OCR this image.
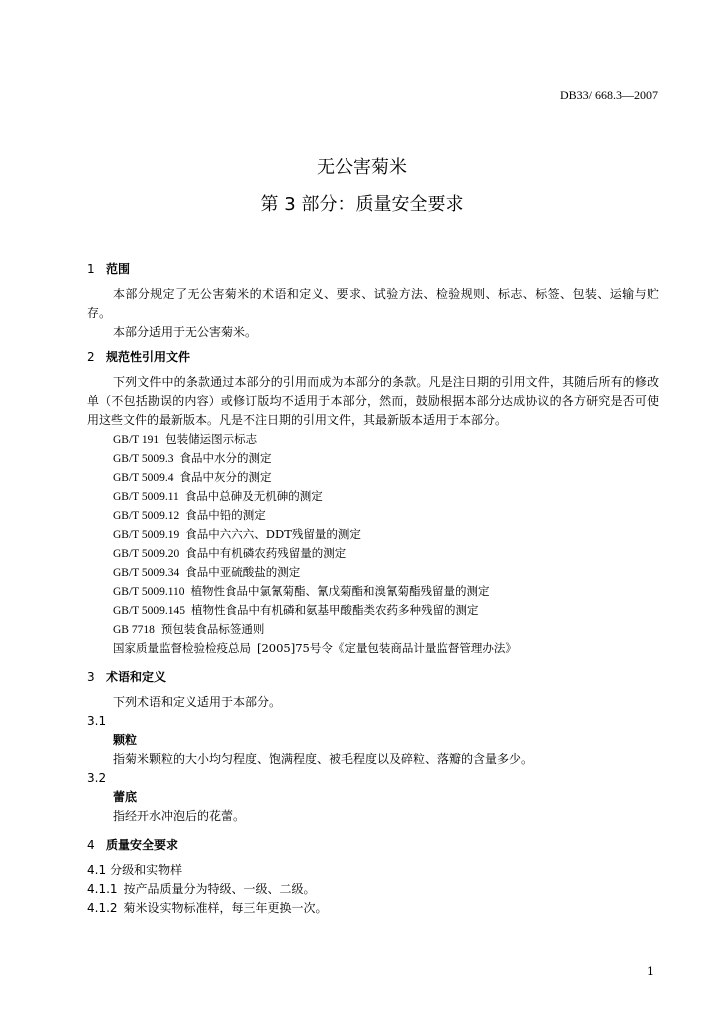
DB33/ 668.3—2007
无公害菊米
第 3 部分：质量安全要求
1 范围
本部分规定了无公害菊米的术语和定义、要求、试验方法、检验规则、标志、标签、包装、运输与贮存。
本部分适用于无公害菊米。
2 规范性引用文件
下列文件中的条款通过本部分的引用而成为本部分的条款。凡是注日期的引用文件，其随后所有的修改单（不包括勘误的内容）或修订版均不适用于本部分，然而，鼓励根据本部分达成协议的各方研究是否可使用这些文件的最新版本。凡是不注日期的引用文件，其最新版本适用于本部分。
GB/T 191 包装储运图示标志
GB/T 5009.3 食品中水分的测定
GB/T 5009.4 食品中灰分的测定
GB/T 5009.11 食品中总砷及无机砷的测定
GB/T 5009.12 食品中铅的测定
GB/T 5009.19 食品中六六六、DDT残留量的测定
GB/T 5009.20 食品中有机磷农药残留量的测定
GB/T 5009.34 食品中亚硫酸盐的测定
GB/T 5009.110 植物性食品中氯氰菊酯、氰戊菊酯和溴氰菊酯残留量的测定
GB/T 5009.145 植物性食品中有机磷和氨基甲酸酯类农药多种残留的测定
GB 7718 预包装食品标签通则
国家质量监督检验检疫总局 [2005]75号令《定量包装商品计量监督管理办法》
3 术语和定义
下列术语和定义适用于本部分。
3.1
颗粒
指菊米颗粒的大小均匀程度、饱满程度、被毛程度以及碎粒、落瓣的含量多少。
3.2
蕾底
指经开水冲泡后的花蕾。
4 质量安全要求
4.1 分级和实物样
4.1.1 按产品质量分为特级、一级、二级。
4.1.2 菊米设实物标准样，每三年更换一次。
1
